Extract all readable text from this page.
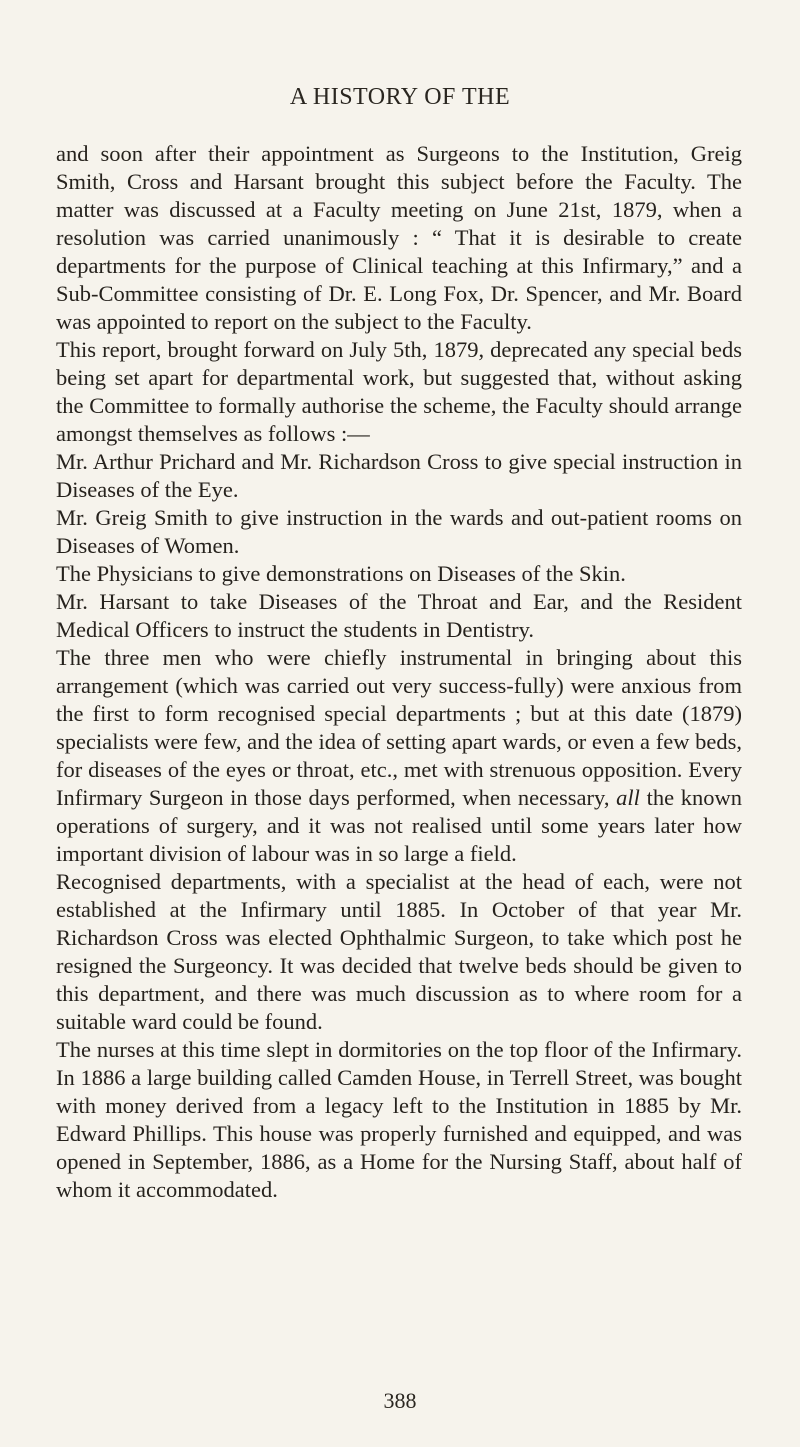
A HISTORY OF THE

and soon after their appointment as Surgeons to the Institution, Greig Smith, Cross and Harsant brought this subject before the Faculty. The matter was discussed at a Faculty meeting on June 21st, 1879, when a resolution was carried unanimously : “ That it is desirable to create departments for the purpose of Clinical teaching at this Infirmary,” and a Sub-Committee consisting of Dr. E. Long Fox, Dr. Spencer, and Mr. Board was appointed to report on the subject to the Faculty.

This report, brought forward on July 5th, 1879, deprecated any special beds being set apart for departmental work, but suggested that, without asking the Committee to formally authorise the scheme, the Faculty should arrange amongst themselves as follows :—

Mr. Arthur Prichard and Mr. Richardson Cross to give special instruction in Diseases of the Eye.

Mr. Greig Smith to give instruction in the wards and out-patient rooms on Diseases of Women.

The Physicians to give demonstrations on Diseases of the Skin.

Mr. Harsant to take Diseases of the Throat and Ear, and the Resident Medical Officers to instruct the students in Dentistry.

The three men who were chiefly instrumental in bringing about this arrangement (which was carried out very success-fully) were anxious from the first to form recognised special departments ; but at this date (1879) specialists were few, and the idea of setting apart wards, or even a few beds, for diseases of the eyes or throat, etc., met with strenuous opposition. Every Infirmary Surgeon in those days performed, when necessary, all the known operations of surgery, and it was not realised until some years later how important division of labour was in so large a field.

Recognised departments, with a specialist at the head of each, were not established at the Infirmary until 1885. In October of that year Mr. Richardson Cross was elected Ophthalmic Surgeon, to take which post he resigned the Surgeoncy. It was decided that twelve beds should be given to this department, and there was much discussion as to where room for a suitable ward could be found.

The nurses at this time slept in dormitories on the top floor of the Infirmary. In 1886 a large building called Camden House, in Terrell Street, was bought with money derived from a legacy left to the Institution in 1885 by Mr. Edward Phillips. This house was properly furnished and equipped, and was opened in September, 1886, as a Home for the Nursing Staff, about half of whom it accommodated.

388
